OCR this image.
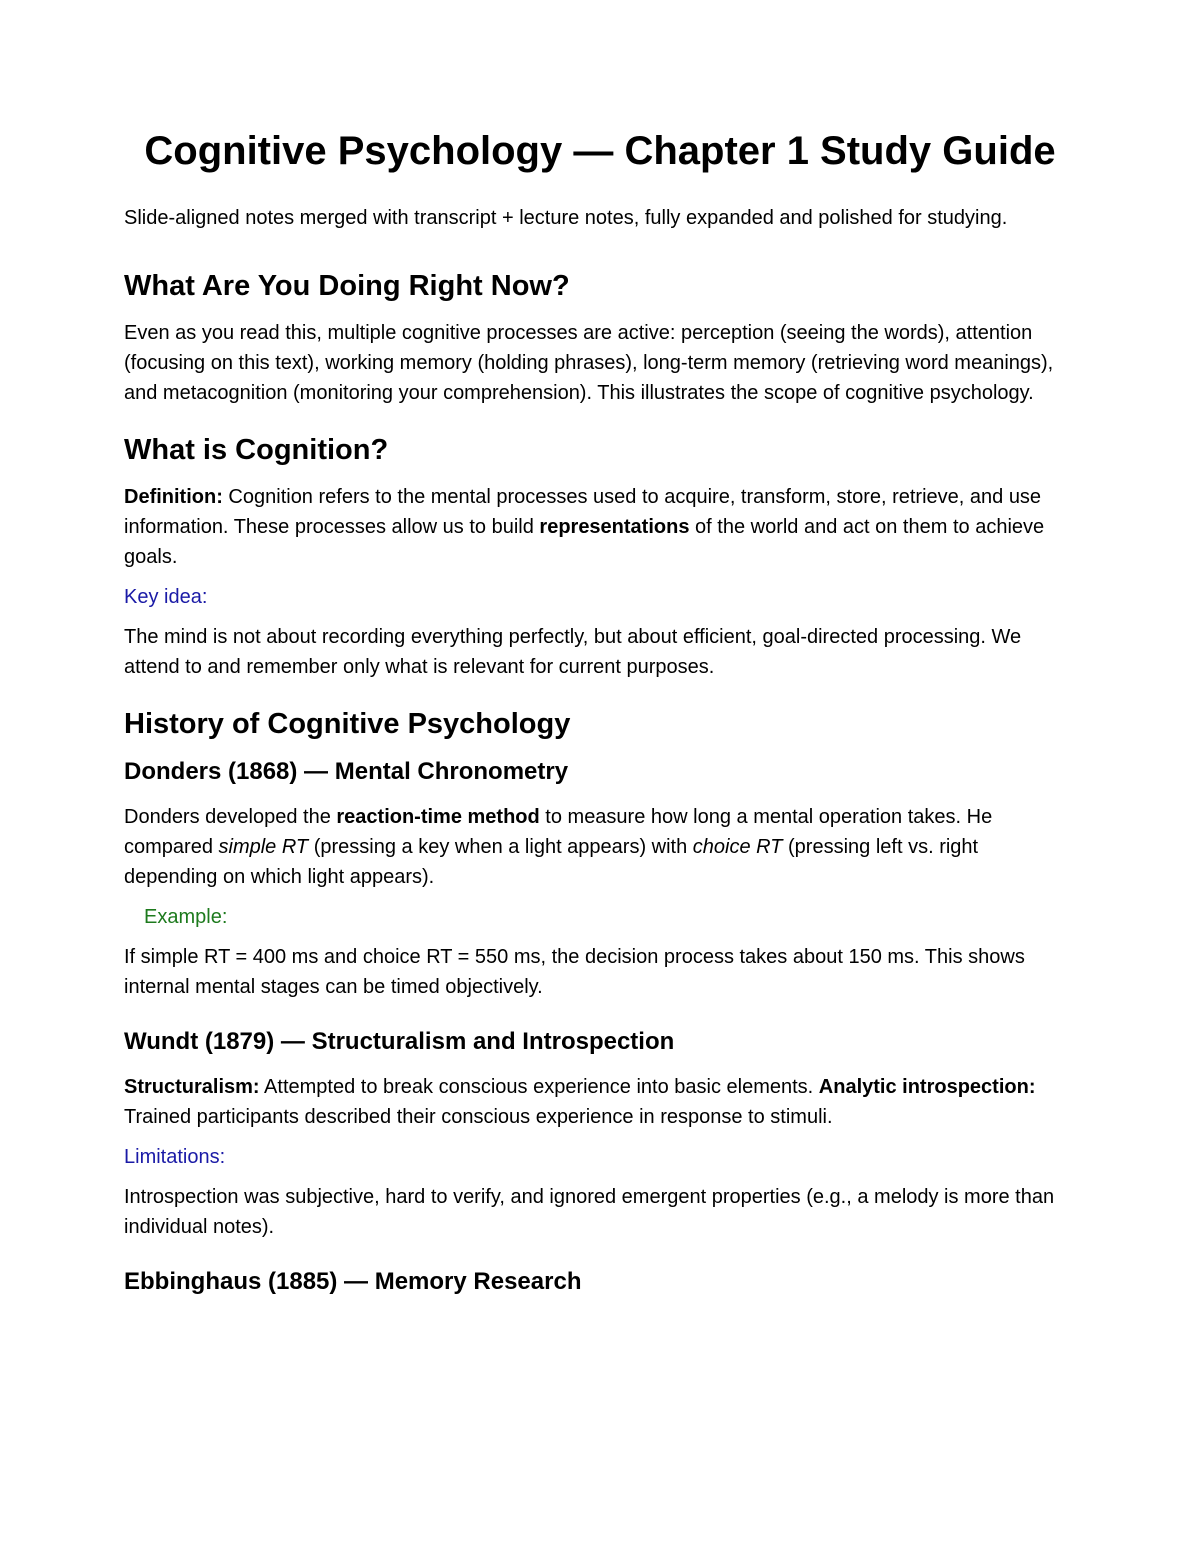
Cognitive Psychology — Chapter 1 Study Guide

Slide-aligned notes merged with transcript + lecture notes, fully expanded and polished for studying.

What Are You Doing Right Now?

Even as you read this, multiple cognitive processes are active: perception (seeing the words), attention (focusing on this text), working memory (holding phrases), long-term memory (retrieving word meanings), and metacognition (monitoring your comprehension). This illustrates the scope of cognitive psychology.

What is Cognition?

Definition: Cognition refers to the mental processes used to acquire, transform, store, retrieve, and use information. These processes allow us to build representations of the world and act on them to achieve goals.

Key idea:

The mind is not about recording everything perfectly, but about efficient, goal-directed processing. We attend to and remember only what is relevant for current purposes.

History of Cognitive Psychology
Donders (1868) — Mental Chronometry

Donders developed the reaction-time method to measure how long a mental operation takes. He compared simple RT (pressing a key when a light appears) with choice RT (pressing left vs. right depending on which light appears).

Example:

If simple RT = 400 ms and choice RT = 550 ms, the decision process takes about 150 ms. This shows internal mental stages can be timed objectively.

Wundt (1879) — Structuralism and Introspection

Structuralism: Attempted to break conscious experience into basic elements. Analytic introspection: Trained participants described their conscious experience in response to stimuli.

Limitations:

Introspection was subjective, hard to verify, and ignored emergent properties (e.g., a melody is more than individual notes).

Ebbinghaus (1885) — Memory Research
